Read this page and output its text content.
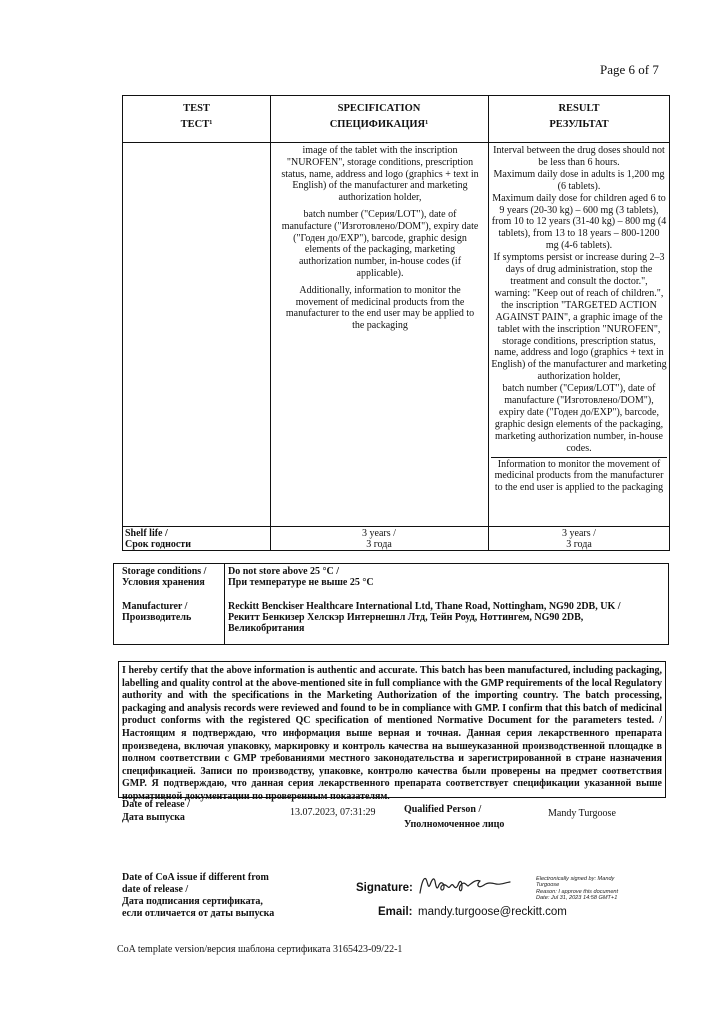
Page 6 of 7
TEST
ТЕСТ¹
SPECIFICATION
СПЕЦИФИКАЦИЯ¹
RESULT
РЕЗУЛЬТАТ

image of the tablet with the inscription "NUROFEN", storage conditions, prescription status, name, address and logo (graphics + text in English) of the manufacturer and marketing authorization holder,

batch number ("Серия/LOT"), date of manufacture ("Изготовлено/DOM"), expiry date ("Годен до/EXP"), barcode, graphic design elements of the packaging, marketing authorization number, in-house codes (if applicable).

Additionally, information to monitor the movement of medicinal products from the manufacturer to the end user may be applied to the packaging

Interval between the drug doses should not be less than 6 hours.
Maximum daily dose in adults is 1,200 mg (6 tablets).
Maximum daily dose for children aged 6 to 9 years (20-30 kg) – 600 mg (3 tablets), from 10 to 12 years (31-40 kg) – 800 mg (4 tablets), from 13 to 18 years – 800-1200 mg (4-6 tablets).
If symptoms persist or increase during 2–3 days of drug administration, stop the treatment and consult the doctor.",
warning: "Keep out of reach of children.", the inscription "TARGETED ACTION AGAINST PAIN", a graphic image of the tablet with the inscription "NUROFEN", storage conditions, prescription status, name, address and logo (graphics + text in English) of the manufacturer and marketing authorization holder,
batch number ("Серия/LOT"), date of manufacture ("Изготовлено/DOM"), expiry date ("Годен до/EXP"), barcode, graphic design elements of the packaging, marketing authorization number, in-house codes.
Information to monitor the movement of medicinal products from the manufacturer to the end user is applied to the packaging
Shelf life /
Срок годности
3 years /
3 года
3 years /
3 года
Storage conditions /
Условия хранения
Do not store above 25 °C /
При температуре не выше 25 °C
Manufacturer /
Производитель
Reckitt Benckiser Healthcare International Ltd, Thane Road, Nottingham, NG90 2DB, UK /
Рекитт Бенкизер Хелскэр Интернешнл Лтд, Тейн Роуд, Ноттингем, NG90 2DB,
Великобритания
I hereby certify that the above information is authentic and accurate. This batch has been manufactured, including packaging, labelling and quality control at the above-mentioned site in full compliance with the GMP requirements of the local Regulatory authority and with the specifications in the Marketing Authorization of the importing country. The batch processing, packaging and analysis records were reviewed and found to be in compliance with GMP. I confirm that this batch of medicinal product conforms with the registered QC specification of mentioned Normative Document for the parameters tested. / Настоящим я подтверждаю, что информация выше верная и точная. Данная серия лекарственного препарата произведена, включая упаковку, маркировку и контроль качества на вышеуказанной производственной площадке в полном соответствии с GMP требованиями местного законодательства и зарегистрированной в стране назначения спецификацией. Записи по производству, упаковке, контролю качества были проверены на предмет соответствия GMP. Я подтверждаю, что данная серия лекарственного препарата соответствует спецификации указанной выше нормативной документации по проверенным показателям.
Date of release /
Дата выпуска	13.07.2023, 07:31:29	Qualified Person /
Уполномоченное лицо
Mandy Turgoose
Date of CoA issue if different from
date of release /
Дата подписания сертификата,
если отличается от даты выпуска
Signature:
Electronically signed by: Mandy
Turgoose
Reason: I approve this document
Date: Jul 31, 2023 14:58 GMT+1
Email: mandy.turgoose@reckitt.com
CoA template version/версия шаблона сертификата 3165423-09/22-1
